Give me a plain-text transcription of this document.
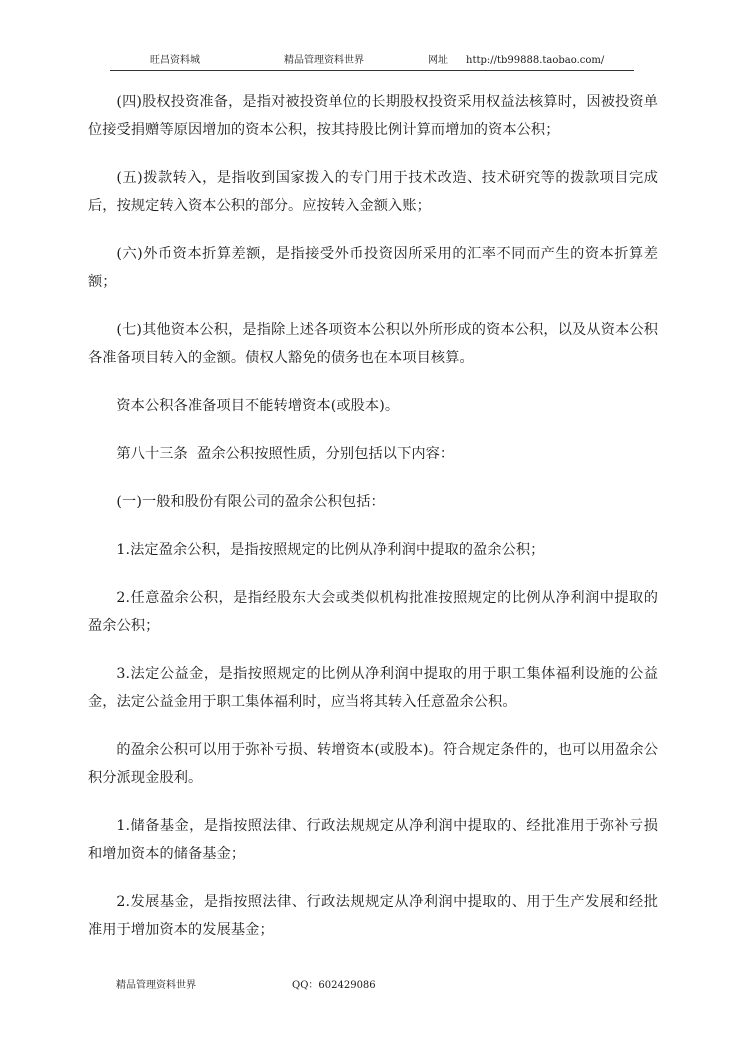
旺昌资料城	精品管理资料世界	网址 http://tb99888.taobao.com/

(四)股权投资准备，是指对被投资单位的长期股权投资采用权益法核算时，因被投资单位接受捐赠等原因增加的资本公积，按其持股比例计算而增加的资本公积；

(五)拨款转入，是指收到国家拨入的专门用于技术改造、技术研究等的拨款项目完成后，按规定转入资本公积的部分。应按转入金额入账；

(六)外币资本折算差额，是指接受外币投资因所采用的汇率不同而产生的资本折算差额；

(七)其他资本公积，是指除上述各项资本公积以外所形成的资本公积，以及从资本公积各准备项目转入的金额。债权人豁免的债务也在本项目核算。

资本公积各准备项目不能转增资本(或股本)。

第八十三条  盈余公积按照性质，分别包括以下内容：

(一)一般和股份有限公司的盈余公积包括：

1.法定盈余公积，是指按照规定的比例从净利润中提取的盈余公积；

2.任意盈余公积，是指经股东大会或类似机构批准按照规定的比例从净利润中提取的盈余公积；

3.法定公益金，是指按照规定的比例从净利润中提取的用于职工集体福利设施的公益金，法定公益金用于职工集体福利时，应当将其转入任意盈余公积。

的盈余公积可以用于弥补亏损、转增资本(或股本)。符合规定条件的，也可以用盈余公积分派现金股利。

1.储备基金，是指按照法律、行政法规规定从净利润中提取的、经批准用于弥补亏损和增加资本的储备基金；

2.发展基金，是指按照法律、行政法规规定从净利润中提取的、用于生产发展和经批准用于增加资本的发展基金；

精品管理资料世界	QQ：602429086
